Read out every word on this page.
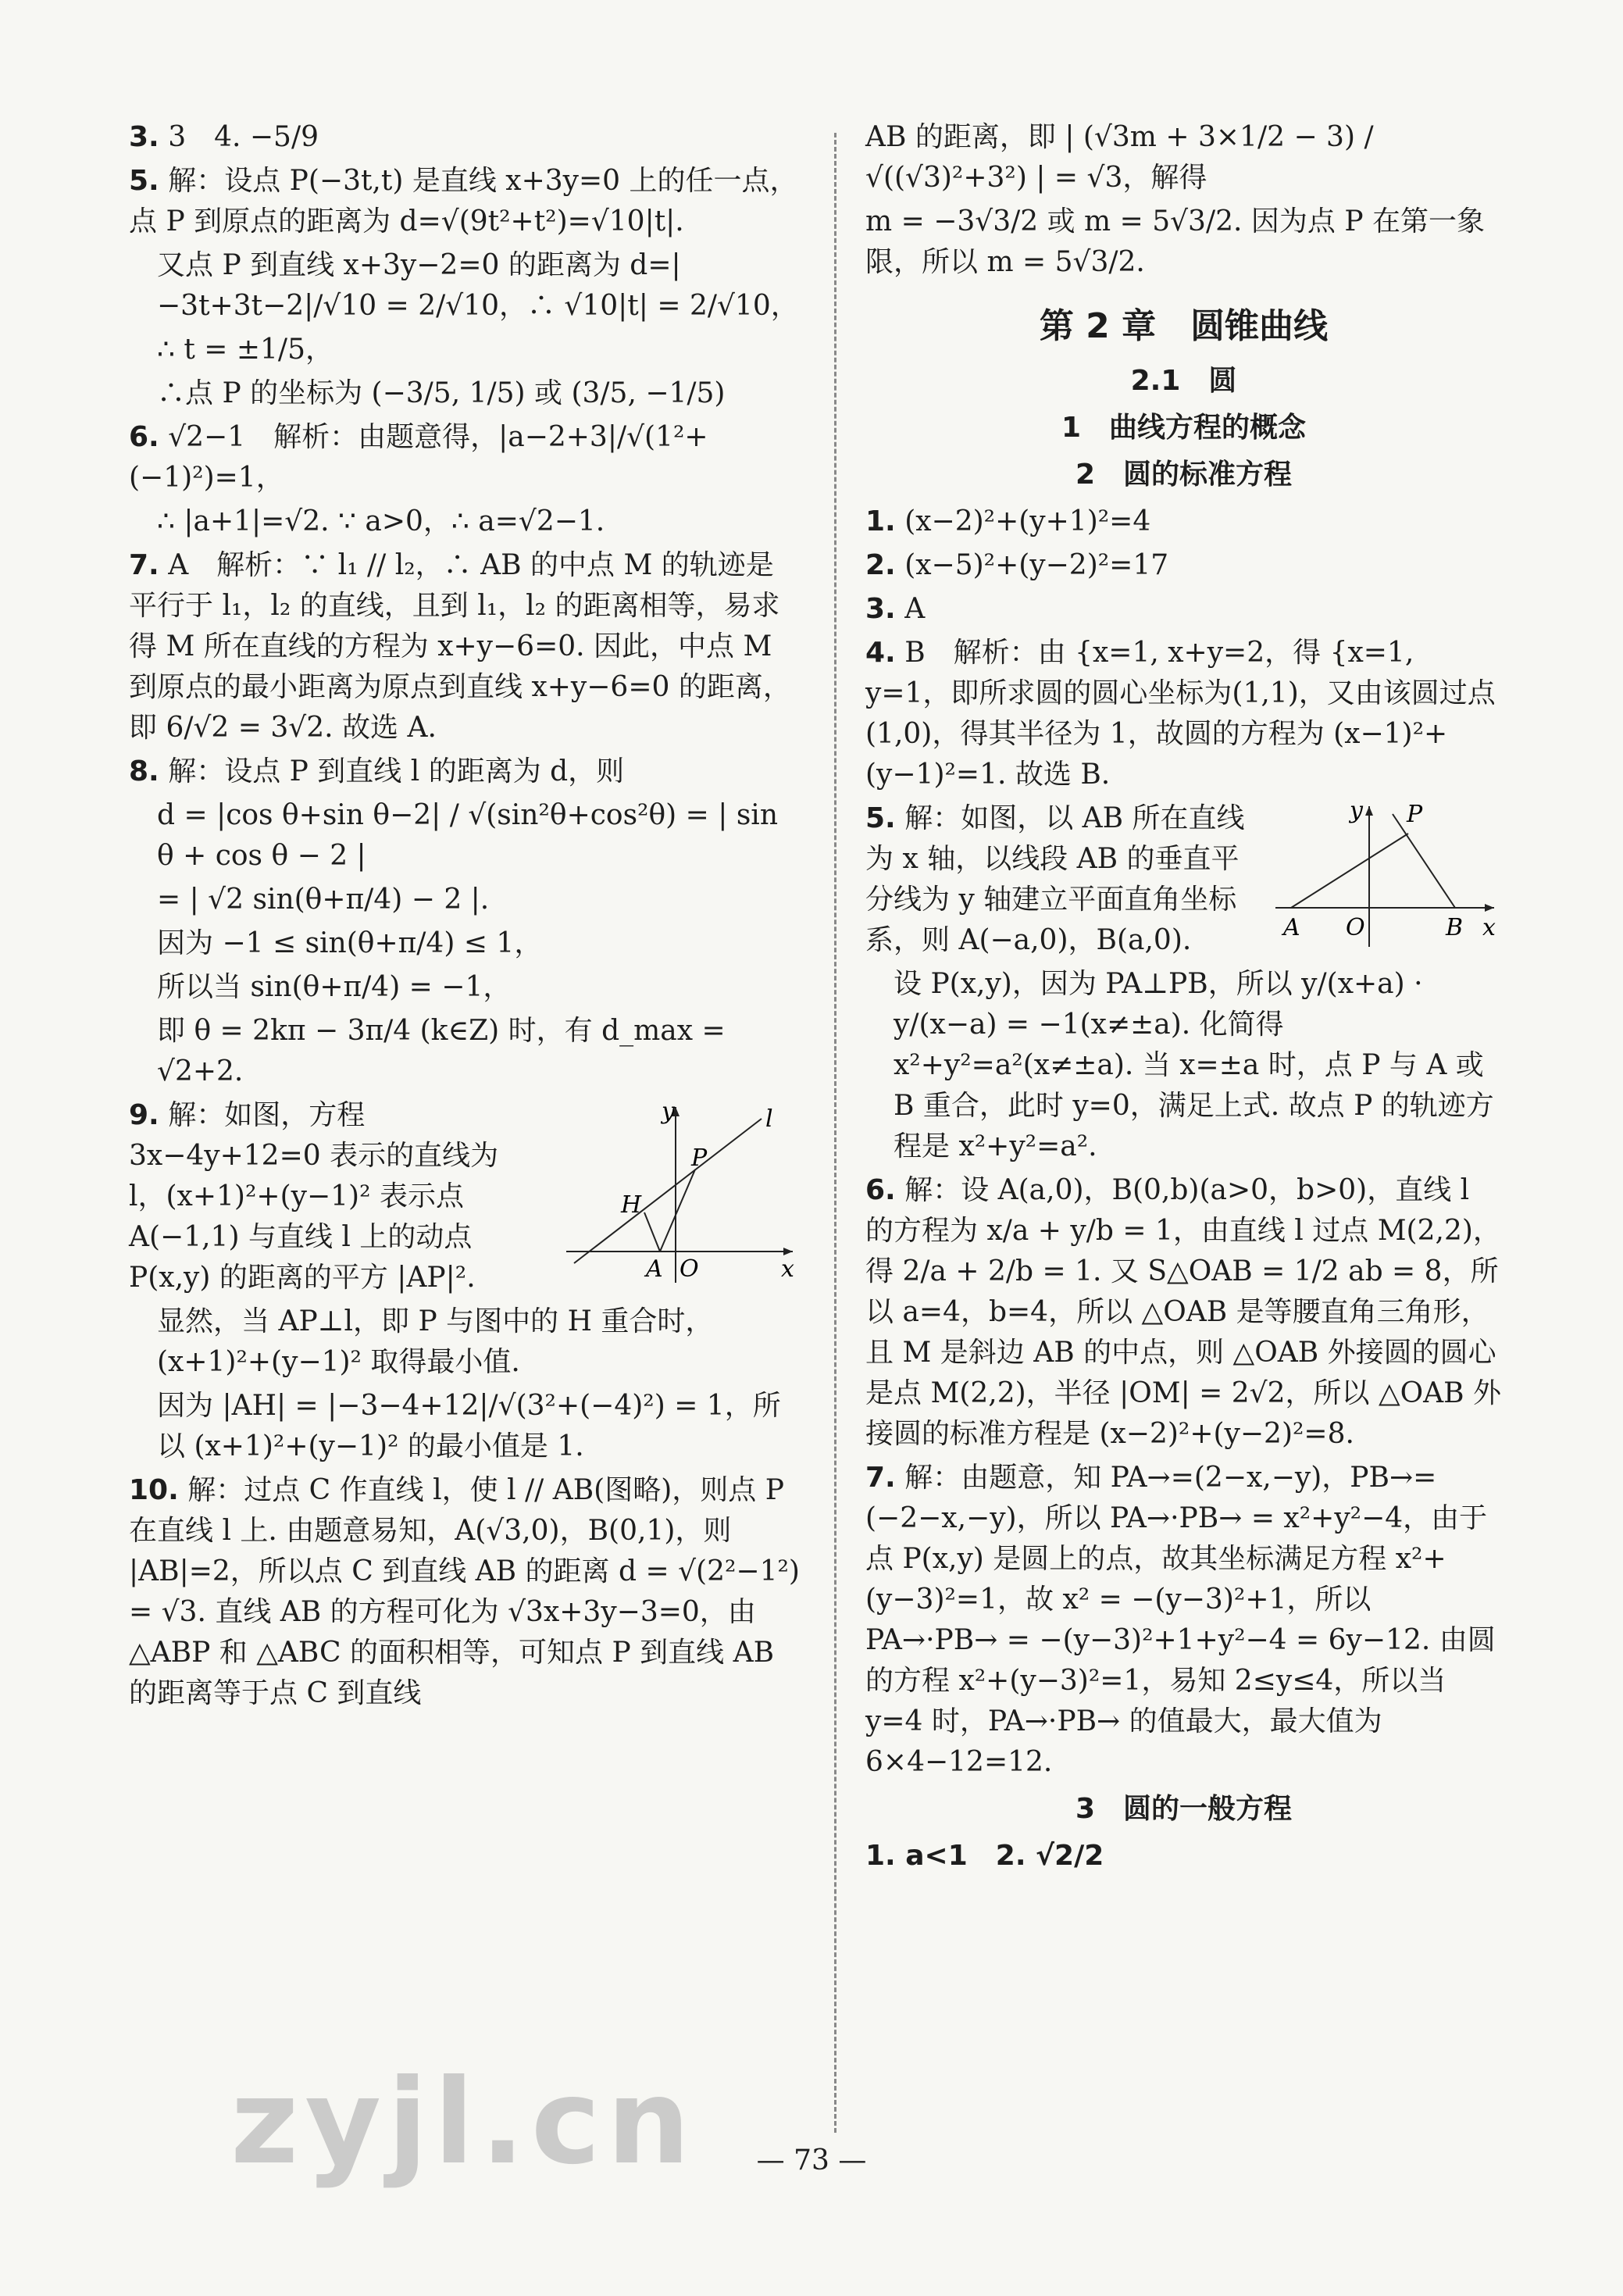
3. 3　4. −5/9
5. 解：设点 P(−3t,t) 是直线 x+3y=0 上的任一点，点 P 到原点的距离为 d=√(9t²+t²)=√10|t|.
又点 P 到直线 x+3y−2=0 的距离为 d=|−3t+3t−2|/√10 = 2/√10，∴ √10|t| = 2/√10，
∴ t = ±1/5，
∴点 P 的坐标为 (−3/5, 1/5) 或 (3/5, −1/5)
6. √2−1　解析：由题意得，|a−2+3|/√(1²+(−1)²)=1，
∴ |a+1|=√2. ∵ a>0，∴ a=√2−1.
7. A　解析：∵ l₁ // l₂，∴ AB 的中点 M 的轨迹是平行于 l₁，l₂ 的直线，且到 l₁，l₂ 的距离相等，易求得 M 所在直线的方程为 x+y−6=0. 因此，中点 M 到原点的最小距离为原点到直线 x+y−6=0 的距离，即 6/√2 = 3√2. 故选 A.
8. 解：设点 P 到直线 l 的距离为 d，则
d = |cos θ+sin θ−2| / √(sin²θ+cos²θ) = | sin θ + cos θ − 2 |
= | √2 sin(θ+π/4) − 2 |.
因为 −1 ≤ sin(θ+π/4) ≤ 1，
所以当 sin(θ+π/4) = −1，
即 θ = 2kπ − 3π/4 (k∈Z) 时，有 d_max = √2+2.
y	l
P
H
A O	x
9. 解：如图，方程 3x−4y+12=0 表示的直线为 l，(x+1)²+(y−1)² 表示点 A(−1,1) 与直线 l 上的动点 P(x,y) 的距离的平方 |AP|².
显然，当 AP⊥l，即 P 与图中的 H 重合时，(x+1)²+(y−1)² 取得最小值.
因为 |AH| = |−3−4+12|/√(3²+(−4)²) = 1，所以 (x+1)²+(y−1)² 的最小值是 1.
10. 解：过点 C 作直线 l，使 l // AB(图略)，则点 P 在直线 l 上. 由题意易知，A(√3,0)，B(0,1)，则 |AB|=2，所以点 C 到直线 AB 的距离 d = √(2²−1²) = √3. 直线 AB 的方程可化为 √3x+3y−3=0，由 △ABP 和 △ABC 的面积相等，可知点 P 到直线 AB 的距离等于点 C 到直线
AB 的距离，即 | (√3m + 3×1/2 − 3) / √((√3)²+3²) | = √3，解得
m = −3√3/2 或 m = 5√3/2. 因为点 P 在第一象限，所以 m = 5√3/2.
第 2 章　圆锥曲线
2.1　圆
1　曲线方程的概念
2　圆的标准方程
1. (x−2)²+(y+1)²=4
2. (x−5)²+(y−2)²=17
3. A
4. B　解析：由 {x=1, x+y=2，得 {x=1, y=1，即所求圆的圆心坐标为(1,1)，又由该圆过点(1,0)，得其半径为 1，故圆的方程为 (x−1)²+(y−1)²=1. 故选 B.
y P
A O	B x
5. 解：如图，以 AB 所在直线为 x 轴，以线段 AB 的垂直平分线为 y 轴建立平面直角坐标系，则 A(−a,0)，B(a,0).
设 P(x,y)，因为 PA⊥PB，所以 y/(x+a) · y/(x−a) = −1(x≠±a). 化简得 x²+y²=a²(x≠±a). 当 x=±a 时，点 P 与 A 或 B 重合，此时 y=0，满足上式. 故点 P 的轨迹方程是 x²+y²=a².
6. 解：设 A(a,0)，B(0,b)(a>0，b>0)，直线 l 的方程为 x/a + y/b = 1，由直线 l 过点 M(2,2)，得 2/a + 2/b = 1. 又 S△OAB = 1/2 ab = 8，所以 a=4，b=4，所以 △OAB 是等腰直角三角形，且 M 是斜边 AB 的中点，则 △OAB 外接圆的圆心是点 M(2,2)，半径 |OM| = 2√2，所以 △OAB 外接圆的标准方程是 (x−2)²+(y−2)²=8.
7. 解：由题意，知 PA→=(2−x,−y)，PB→=(−2−x,−y)，所以 PA→·PB→ = x²+y²−4，由于点 P(x,y) 是圆上的点，故其坐标满足方程 x²+(y−3)²=1，故 x² = −(y−3)²+1，所以 PA→·PB→ = −(y−3)²+1+y²−4 = 6y−12. 由圆的方程 x²+(y−3)²=1，易知 2≤y≤4，所以当 y=4 时，PA→·PB→ 的值最大，最大值为 6×4−12=12.
3　圆的一般方程
1. a<1　2. √2/2
— 73 —
zyjl.cn
